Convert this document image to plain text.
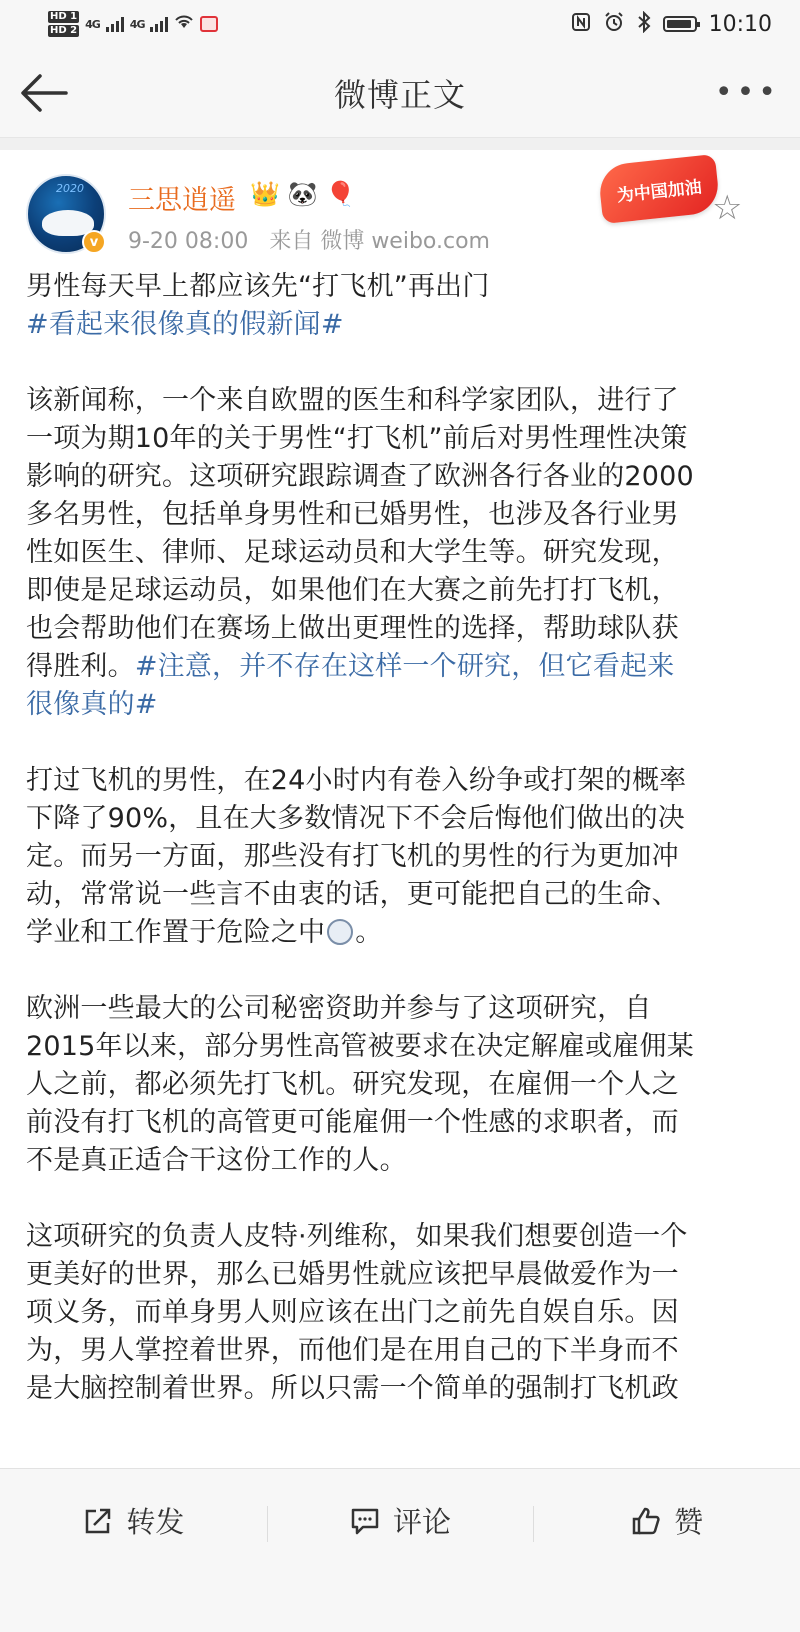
HD 1
HD 2 4G	4G	10:10
微博正文	•••
2020
v
三思逍遥 👑 🐼 🎈
9-20 08:00 来自 微博 weibo.com
为中国加油 ☆
男性每天早上都应该先“打飞机”再出门
#看起来很像真的假新闻#
该新闻称，一个来自欧盟的医生和科学家团队，进行了
一项为期10年的关于男性“打飞机”前后对男性理性决策
影响的研究。这项研究跟踪调查了欧洲各行各业的2000
多名男性，包括单身男性和已婚男性，也涉及各行业男
性如医生、律师、足球运动员和大学生等。研究发现，
即使是足球运动员，如果他们在大赛之前先打打飞机，
也会帮助他们在赛场上做出更理性的选择，帮助球队获
得胜利。#注意，并不存在这样一个研究，但它看起来
很像真的#
打过飞机的男性，在24小时内有卷入纷争或打架的概率
下降了90%，且在大多数情况下不会后悔他们做出的决
定。而另一方面，那些没有打飞机的男性的行为更加冲
动，常常说一些言不由衷的话，更可能把自己的生命、
学业和工作置于危险之中 。
欧洲一些最大的公司秘密资助并参与了这项研究，自
2015年以来，部分男性高管被要求在决定解雇或雇佣某
人之前，都必须先打飞机。研究发现，在雇佣一个人之
前没有打飞机的高管更可能雇佣一个性感的求职者，而
不是真正适合干这份工作的人。
这项研究的负责人皮特·列维称，如果我们想要创造一个
更美好的世界，那么已婚男性就应该把早晨做爱作为一
项义务，而单身男人则应该在出门之前先自娱自乐。因
为，男人掌控着世界，而他们是在用自己的下半身而不
是大脑控制着世界。所以只需一个简单的强制打飞机政
转发	评论	赞
